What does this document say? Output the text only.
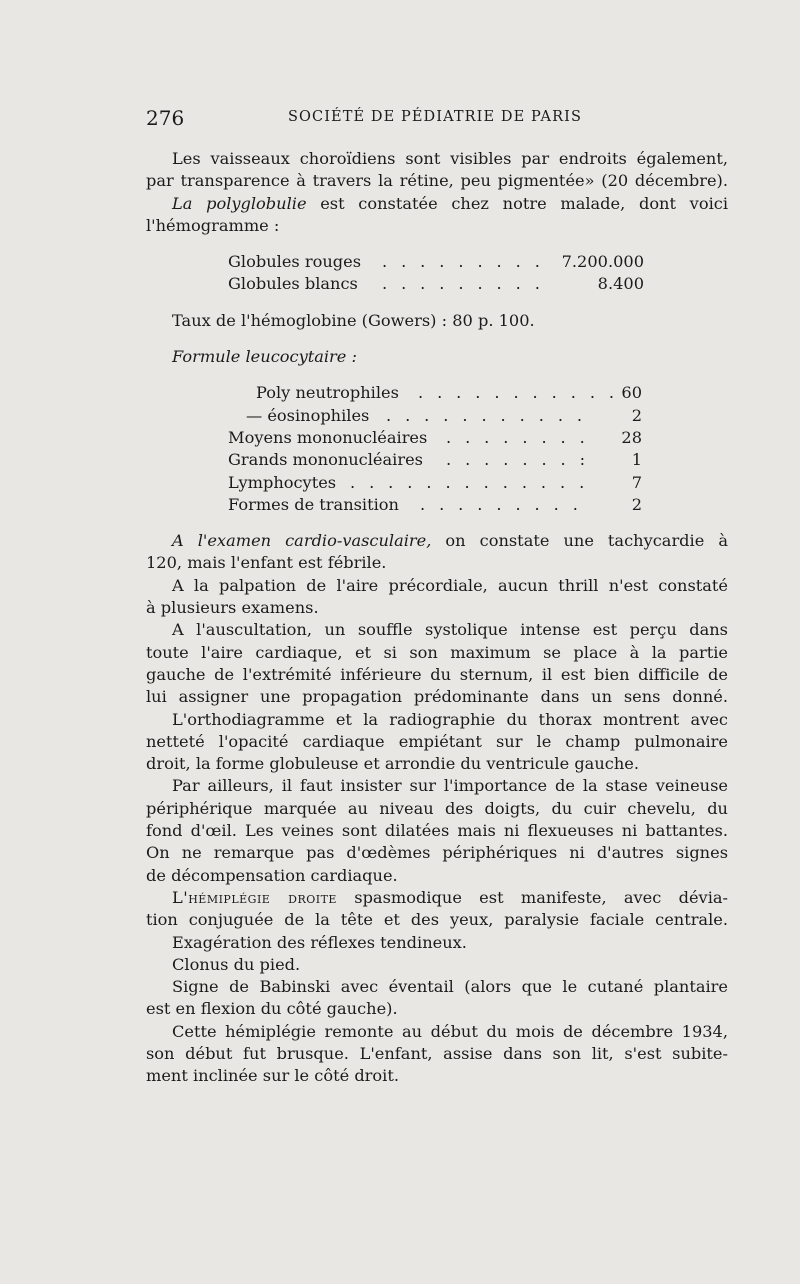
276	SOCIÉTÉ DE PÉDIATRIE DE PARIS
Les vaisseaux choroïdiens sont visibles par endroits également,
par transparence à travers la rétine, peu pigmentée» (20 décembre).
La polyglobulie est constatée chez notre malade, dont voici
l'hémogramme :
Globules rouges . . . . . . . . .	7.200.000
Globules blancs . . . . . . . . .	8.400
Taux de l'hémoglobine (Gowers) : 80 p. 100.
Formule leucocytaire :
Poly neutrophiles . . . . . . . . . . . 60
— éosinophiles . . . . . . . . . . .	2
Moyens mononucléaires . . . . . . . .	28
Grands mononucléaires . . . . . . . :	1
Lymphocytes . . . . . . . . . . . . .	7
Formes de transition . . . . . . . . .	2
A l'examen cardio-vasculaire, on constate une tachycardie à
120, mais l'enfant est fébrile.
A la palpation de l'aire précordiale, aucun thrill n'est constaté
à plusieurs examens.
A l'auscultation, un souffle systolique intense est perçu dans
toute l'aire cardiaque, et si son maximum se place à la partie
gauche de l'extrémité inférieure du sternum, il est bien difficile de
lui assigner une propagation prédominante dans un sens donné.
L'orthodiagramme et la radiographie du thorax montrent avec
netteté l'opacité cardiaque empiétant sur le champ pulmonaire
droit, la forme globuleuse et arrondie du ventricule gauche.
Par ailleurs, il faut insister sur l'importance de la stase veineuse
périphérique marquée au niveau des doigts, du cuir chevelu, du
fond d'œil. Les veines sont dilatées mais ni flexueuses ni battantes.
On ne remarque pas d'œdèmes périphériques ni d'autres signes
de décompensation cardiaque.
L'hémiplégie droite spasmodique est manifeste, avec dévia-
tion conjuguée de la tête et des yeux, paralysie faciale centrale.
Exagération des réflexes tendineux.
Clonus du pied.
Signe de Babinski avec éventail (alors que le cutané plantaire
est en flexion du côté gauche).
Cette hémiplégie remonte au début du mois de décembre 1934,
son début fut brusque. L'enfant, assise dans son lit, s'est subite-
ment inclinée sur le côté droit.
